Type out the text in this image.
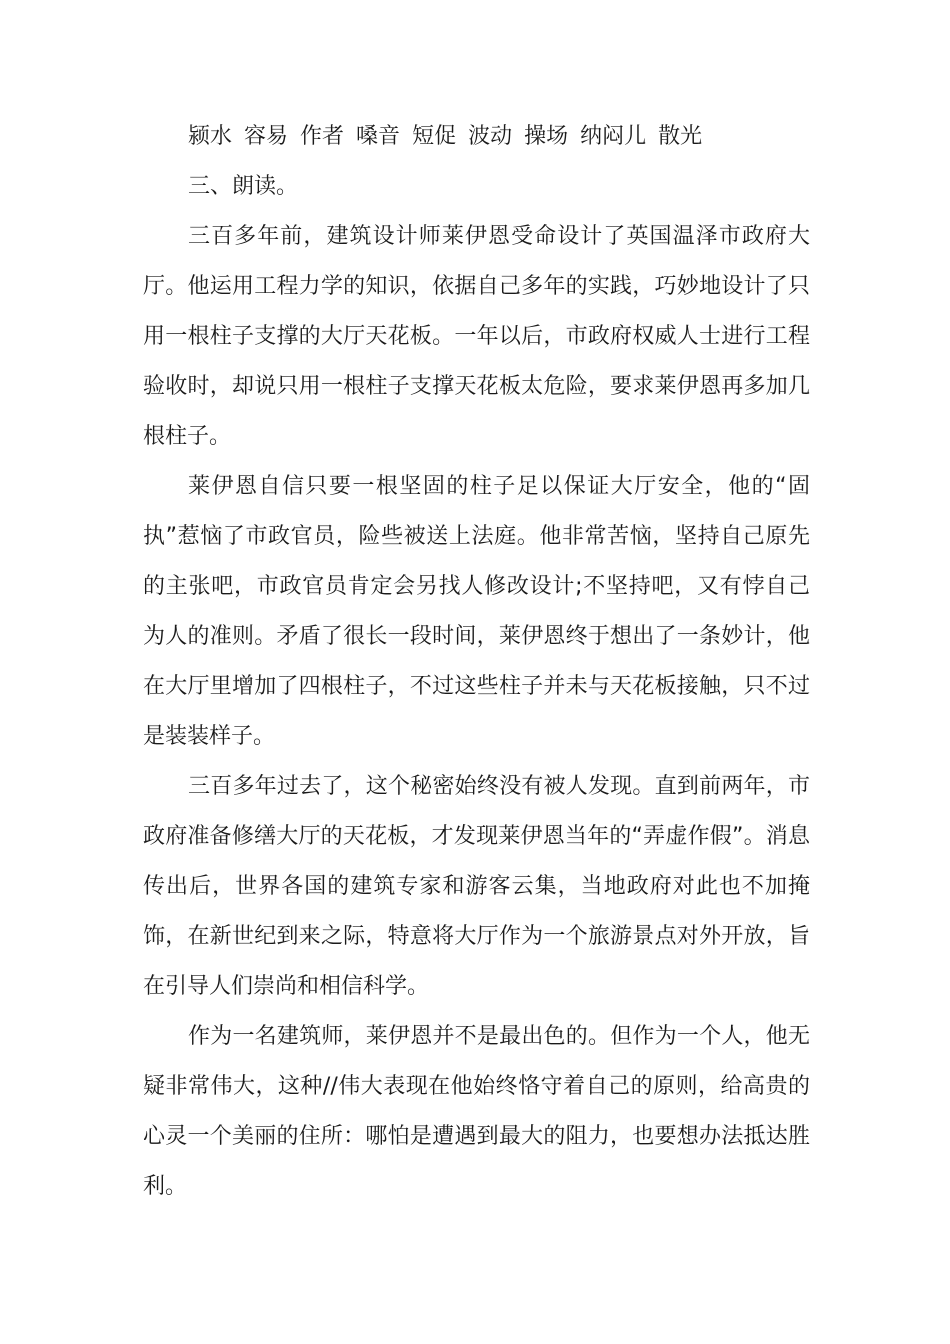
颍水 容易 作者 嗓音 短促 波动 操场 纳闷儿 散光

三、朗读。

三百多年前，建筑设计师莱伊恩受命设计了英国温泽市政府大厅。他运用工程力学的知识，依据自己多年的实践，巧妙地设计了只用一根柱子支撑的大厅天花板。一年以后，市政府权威人士进行工程验收时，却说只用一根柱子支撑天花板太危险，要求莱伊恩再多加几根柱子。

莱伊恩自信只要一根坚固的柱子足以保证大厅安全，他的“固执”惹恼了市政官员，险些被送上法庭。他非常苦恼，坚持自己原先的主张吧，市政官员肯定会另找人修改设计;不坚持吧，又有悖自己为人的准则。矛盾了很长一段时间，莱伊恩终于想出了一条妙计，他在大厅里增加了四根柱子，不过这些柱子并未与天花板接触，只不过是装装样子。

三百多年过去了，这个秘密始终没有被人发现。直到前两年，市政府准备修缮大厅的天花板，才发现莱伊恩当年的“弄虚作假”。消息传出后，世界各国的建筑专家和游客云集，当地政府对此也不加掩饰，在新世纪到来之际，特意将大厅作为一个旅游景点对外开放，旨在引导人们崇尚和相信科学。

作为一名建筑师，莱伊恩并不是最出色的。但作为一个人，他无疑非常伟大，这种//伟大表现在他始终恪守着自己的原则，给高贵的心灵一个美丽的住所：哪怕是遭遇到最大的阻力，也要想办法抵达胜利。
